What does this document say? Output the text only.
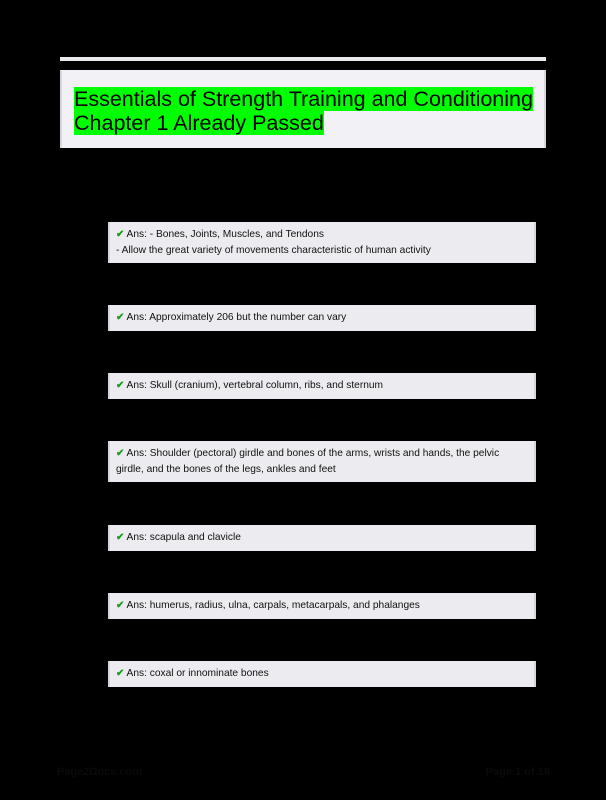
Essentials of Strength Training and Conditioning
Chapter 1 Already Passed
✔ Ans: - Bones, Joints, Muscles, and Tendons
- Allow the great variety of movements characteristic of human activity
✔ Ans: Approximately 206 but the number can vary
✔ Ans: Skull (cranium), vertebral column, ribs, and sternum
✔ Ans: Shoulder (pectoral) girdle and bones of the arms, wrists and hands, the pelvic
girdle, and the bones of the legs, ankles and feet
✔ Ans: scapula and clavicle
✔ Ans: humerus, radius, ulna, carpals, metacarpals, and phalanges
✔ Ans: coxal or innominate bones
Page2Docs.com	Page 1 of 18
